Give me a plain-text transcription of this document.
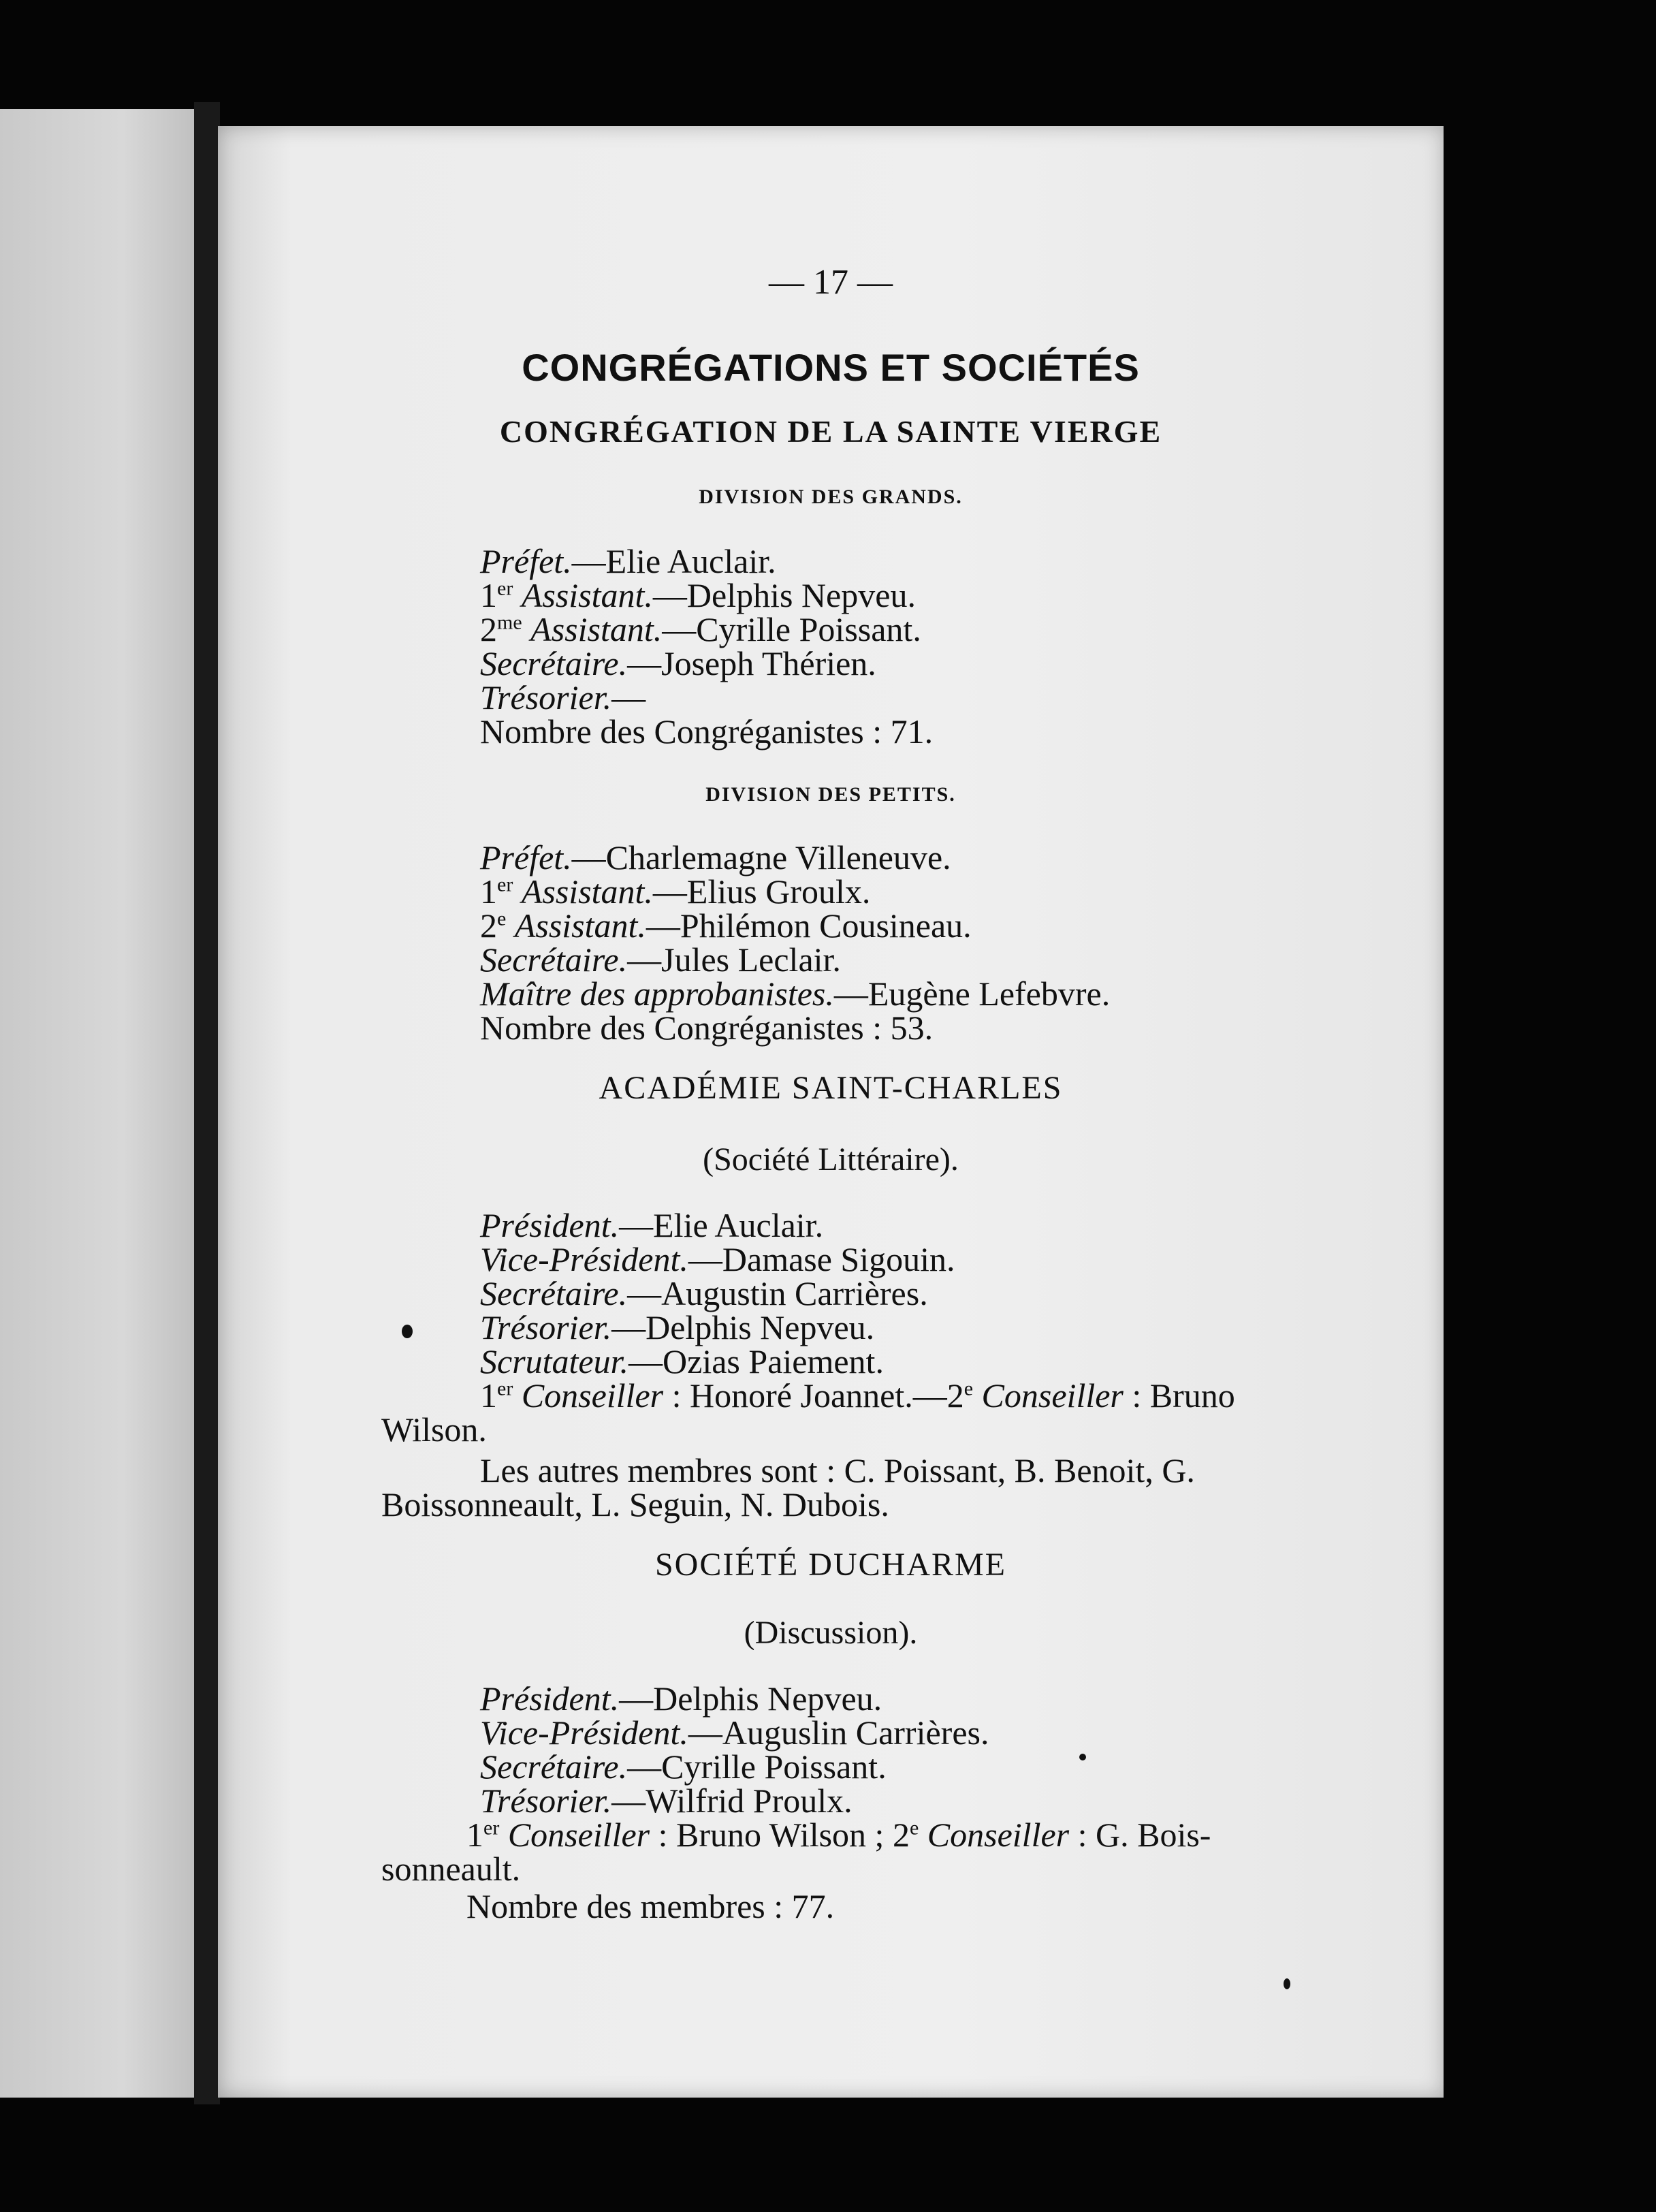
— 17 —
CONGRÉGATIONS ET SOCIÉTÉS
CONGRÉGATION DE LA SAINTE VIERGE
DIVISION DES GRANDS.
Préfet.—Elie Auclair.
1er Assistant.—Delphis Nepveu.
$2^{me}$ Assistant.—Cyrille Poissant.
Secrétaire.—Joseph Thérien.
Trésorier.—
Nombre des Congréganistes : 71.
DIVISION DES PETITS.
Préfet.—Charlemagne Villeneuve.
1er Assistant.—Elius Groulx.
2e Assistant.—Philémon Cousineau.
Secrétaire.—Jules Leclair.
Maître des approbanistes.—Eugène Lefebvre.
Nombre des Congréganistes : 53.
ACADÉMIE SAINT-CHARLES
(Société Littéraire).
Président.—Elie Auclair.
Vice-Président.—Damase Sigouin.
Secrétaire.—Augustin Carrières.
Trésorier.—Delphis Nepveu.
Scrutateur.—Ozias Paiement.
1er Conseiller : Honoré Joannet.—2e Conseiller : Bruno
Wilson.
Les autres membres sont : C. Poissant, B. Benoit, G.
Boissonneault, L. Seguin, N. Dubois.
SOCIÉTÉ DUCHARME
(Discussion).
Président.—Delphis Nepveu.
Vice-Président.—Auguslin Carrières.
Secrétaire.—Cyrille Poissant.
Trésorier.—Wilfrid Proulx.
1er Conseiller : Bruno Wilson ; 2e Conseiller : G. Bois-
sonneault.
Nombre des membres : 77.
